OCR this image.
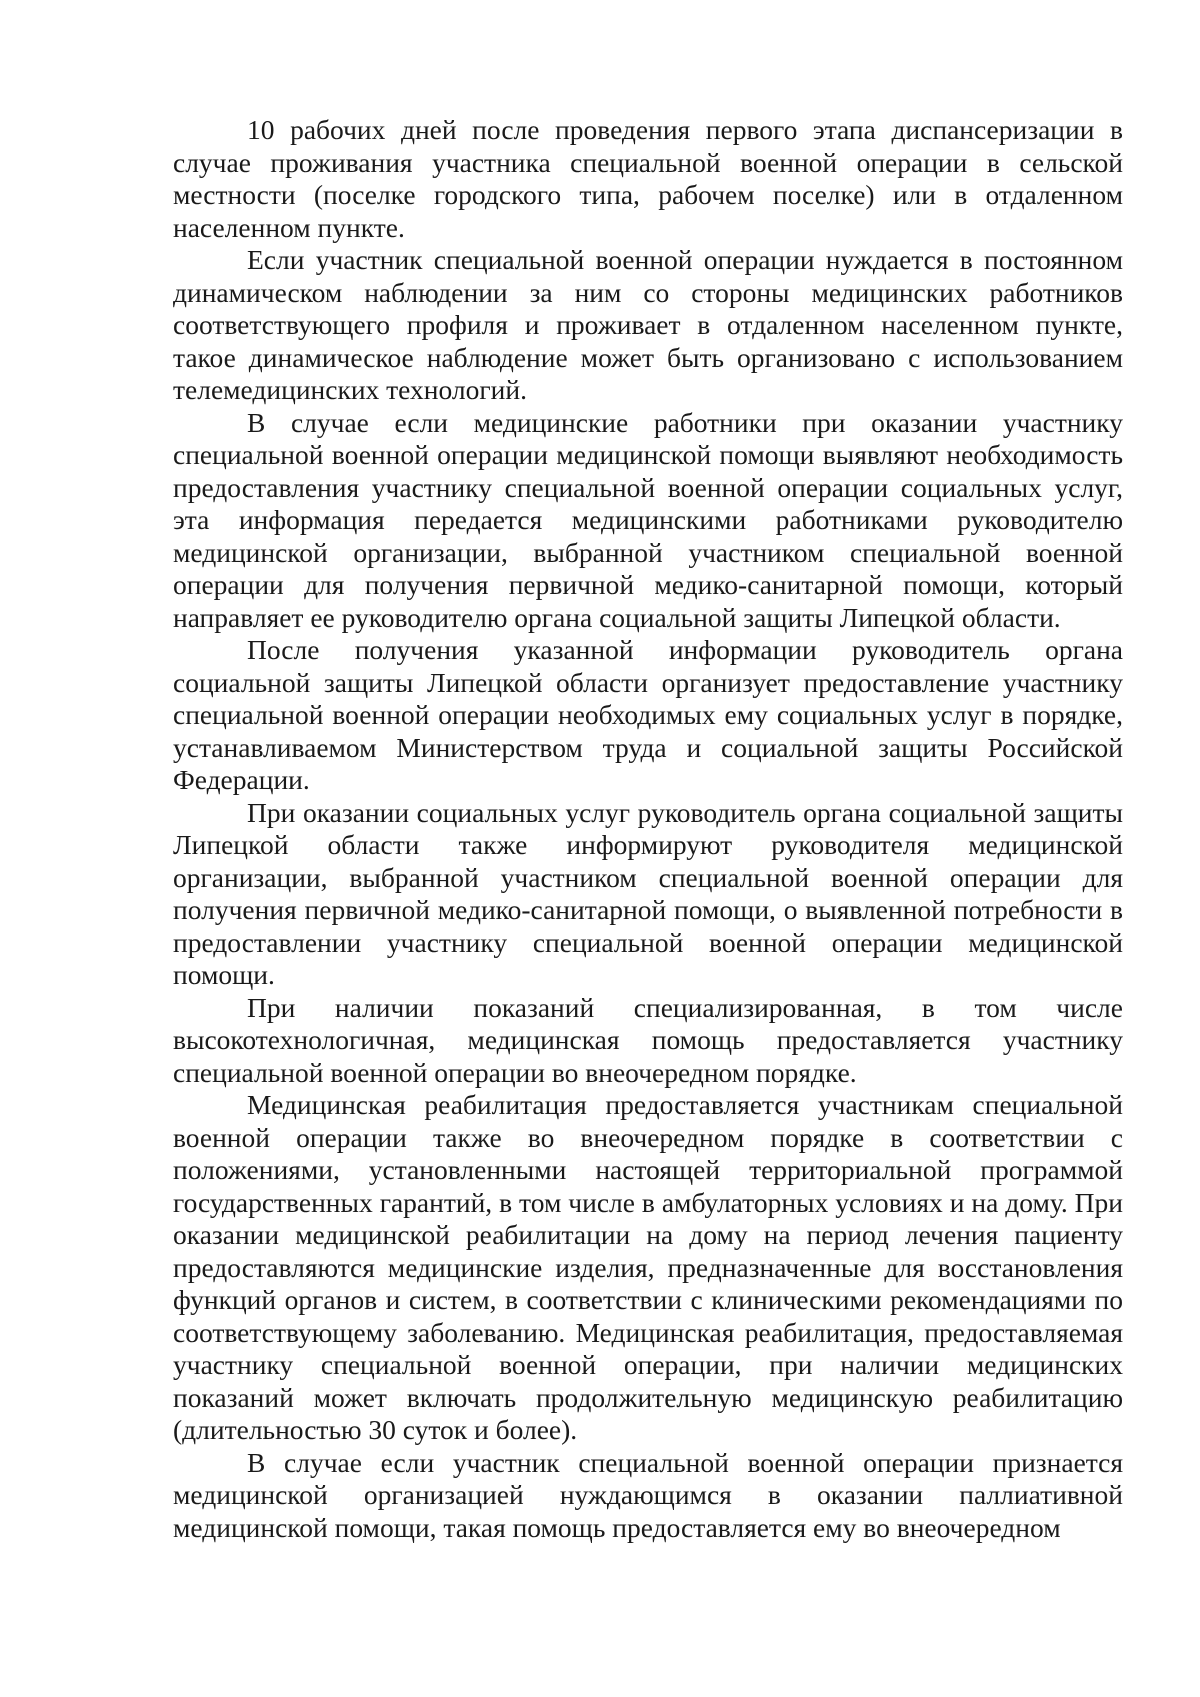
10 рабочих дней после проведения первого этапа диспансеризации в случае проживания участника специальной военной операции в сельской местности (поселке городского типа, рабочем поселке) или в отдаленном населенном пункте.

Если участник специальной военной операции нуждается в постоянном динамическом наблюдении за ним со стороны медицинских работников соответствующего профиля и проживает в отдаленном населенном пункте, такое динамическое наблюдение может быть организовано с использованием телемедицинских технологий.

В случае если медицинские работники при оказании участнику специальной военной операции медицинской помощи выявляют необходимость предоставления участнику специальной военной операции социальных услуг, эта информация передается медицинскими работниками руководителю медицинской организации, выбранной участником специальной военной операции для получения первичной медико-санитарной помощи, который направляет ее руководителю органа социальной защиты Липецкой области.

После получения указанной информации руководитель органа социальной защиты Липецкой области организует предоставление участнику специальной военной операции необходимых ему социальных услуг в порядке, устанавливаемом Министерством труда и социальной защиты Российской Федерации.

При оказании социальных услуг руководитель органа социальной защиты Липецкой области также информируют руководителя медицинской организации, выбранной участником специальной военной операции для получения первичной медико-санитарной помощи, о выявленной потребности в предоставлении участнику специальной военной операции медицинской помощи.

При наличии показаний специализированная, в том числе высокотехнологичная, медицинская помощь предоставляется участнику специальной военной операции во внеочередном порядке.

Медицинская реабилитация предоставляется участникам специальной военной операции также во внеочередном порядке в соответствии с положениями, установленными настоящей территориальной программой государственных гарантий, в том числе в амбулаторных условиях и на дому. При оказании медицинской реабилитации на дому на период лечения пациенту предоставляются медицинские изделия, предназначенные для восстановления функций органов и систем, в соответствии с клиническими рекомендациями по соответствующему заболеванию. Медицинская реабилитация, предоставляемая участнику специальной военной операции, при наличии медицинских показаний может включать продолжительную медицинскую реабилитацию (длительностью 30 суток и более).

В случае если участник специальной военной операции признается медицинской организацией нуждающимся в оказании паллиативной медицинской помощи, такая помощь предоставляется ему во внеочередном
